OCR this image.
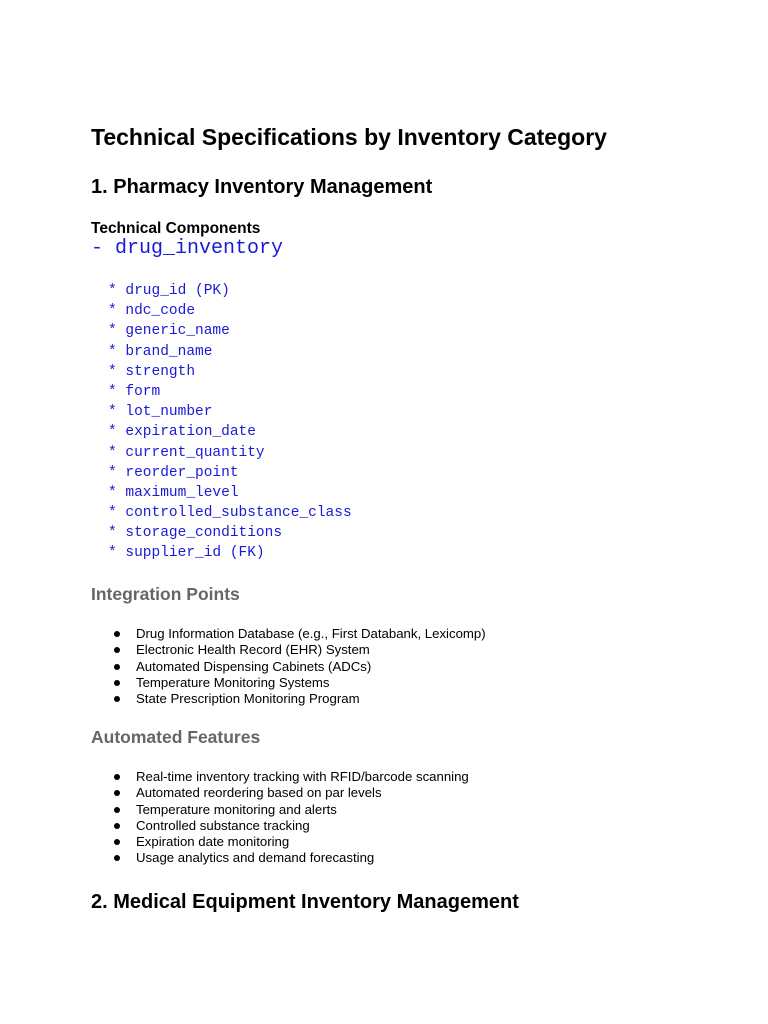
Technical Specifications by Inventory Category
1. Pharmacy Inventory Management
Technical Components
- drug_inventory
* drug_id (PK)
* ndc_code
* generic_name
* brand_name
* strength
* form
* lot_number
* expiration_date
* current_quantity
* reorder_point
* maximum_level
* controlled_substance_class
* storage_conditions
* supplier_id (FK)
Integration Points
Drug Information Database (e.g., First Databank, Lexicomp)
Electronic Health Record (EHR) System
Automated Dispensing Cabinets (ADCs)
Temperature Monitoring Systems
State Prescription Monitoring Program
Automated Features
Real-time inventory tracking with RFID/barcode scanning
Automated reordering based on par levels
Temperature monitoring and alerts
Controlled substance tracking
Expiration date monitoring
Usage analytics and demand forecasting
2. Medical Equipment Inventory Management
